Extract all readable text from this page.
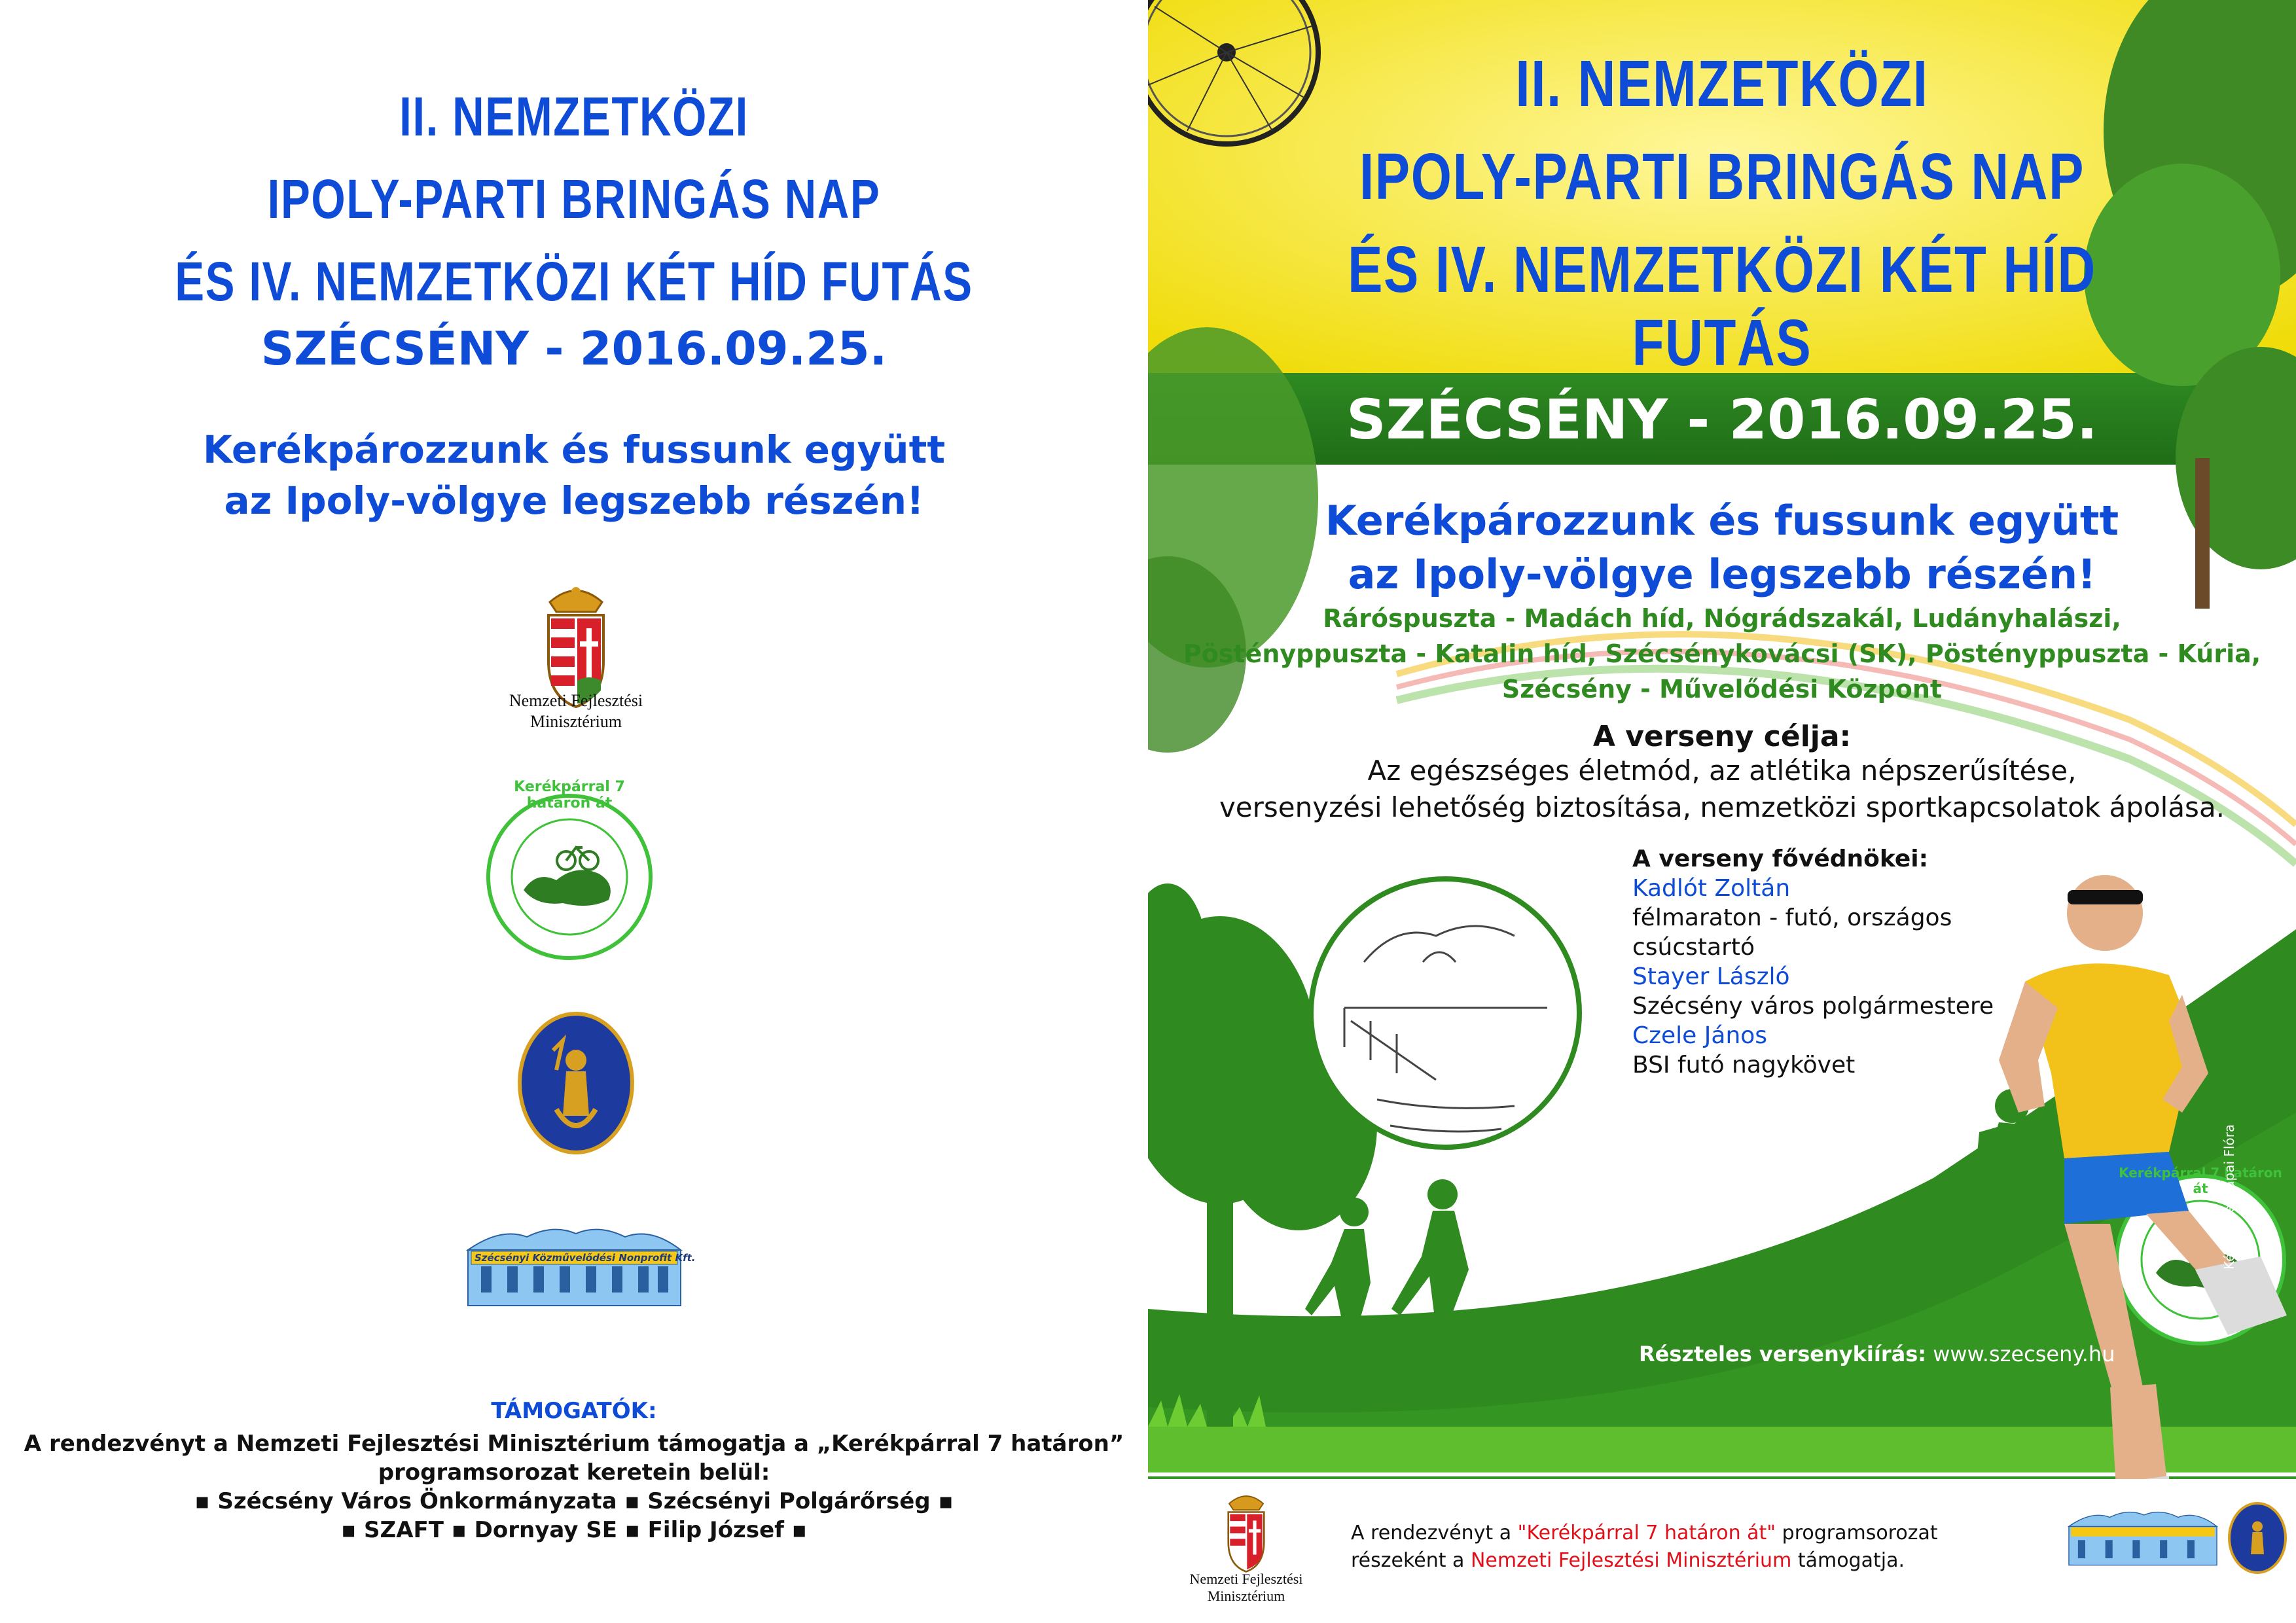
II. NEMZETKÖZI
IPOLY-PARTI BRINGÁS NAP
ÉS IV. NEMZETKÖZI KÉT HÍD FUTÁS
SZÉCSÉNY - 2016.09.25.
Kerékpározzunk és fussunk együtt
az Ipoly-völgye legszebb részén!
Nemzeti Fejlesztési
Minisztérium
Kerékpárral 7 határon át
Szécsényi Közművelődési Nonprofit Kft.
TÁMOGATÓK:
A rendezvényt a Nemzeti Fejlesztési Minisztérium támogatja a „Kerékpárral 7 határon”
programsorozat keretein belül:
▪ Szécsény Város Önkormányzata ▪ Szécsényi Polgárőrség ▪
▪ SZAFT ▪ Dornyay SE ▪ Filip József ▪
II. NEMZETKÖZI
IPOLY-PARTI BRINGÁS NAP
ÉS IV. NEMZETKÖZI KÉT HÍD FUTÁS
SZÉCSÉNY - 2016.09.25.
Kerékpározzunk és fussunk együtt
az Ipoly-völgye legszebb részén!
Ráróspuszta - Madách híd, Nógrádszakál, Ludányhalászi,
Pöstényppuszta - Katalin híd, Szécsénykovácsi (SK), Pöstényppuszta - Kúria,
Szécsény - Művelődési Központ
A verseny célja:
Az egészséges életmód, az atlétika népszerűsítése,
versenyzési lehetőség biztosítása, nemzetközi sportkapcsolatok ápolása.
A verseny fővédnökei:
Kadlót Zoltán
félmaraton - futó, országos csúcstartó
Stayer László
Szécsény város polgármestere
Czele János
BSI futó nagykövet
Kerékpárral 7 határon át	Készítette: Pápai Flóra
Részteles versenykiírás: www.szecseny.hu
Nemzeti Fejlesztési
Minisztérium
A rendezvényt a "Kerékpárral 7 határon át" programsorozat
részeként a Nemzeti Fejlesztési Minisztérium támogatja.
